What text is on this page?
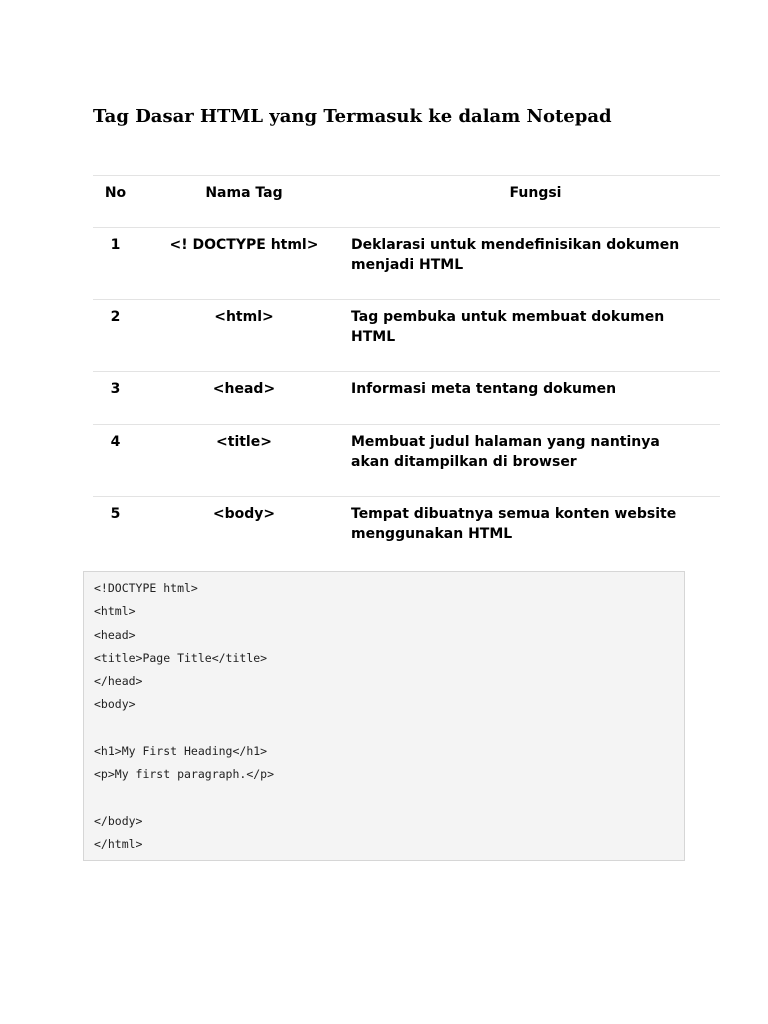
Tag Dasar HTML yang Termasuk ke dalam Notepad
No	Nama Tag	Fungsi
1	<! DOCTYPE html>	Deklarasi untuk mendefinisikan dokumen
menjadi HTML

2	<html>	Tag pembuka untuk membuat dokumen
HTML

3	<head>	Informasi meta tentang dokumen

4	<title>	Membuat judul halaman yang nantinya
akan ditampilkan di browser

5	<body>	Tempat dibuatnya semua konten website
menggunakan HTML
<!DOCTYPE html>
<html>
<head>
<title>Page Title</title>
</head>
<body>
<h1>My First Heading</h1>
<p>My first paragraph.</p>
</body>
</html>
